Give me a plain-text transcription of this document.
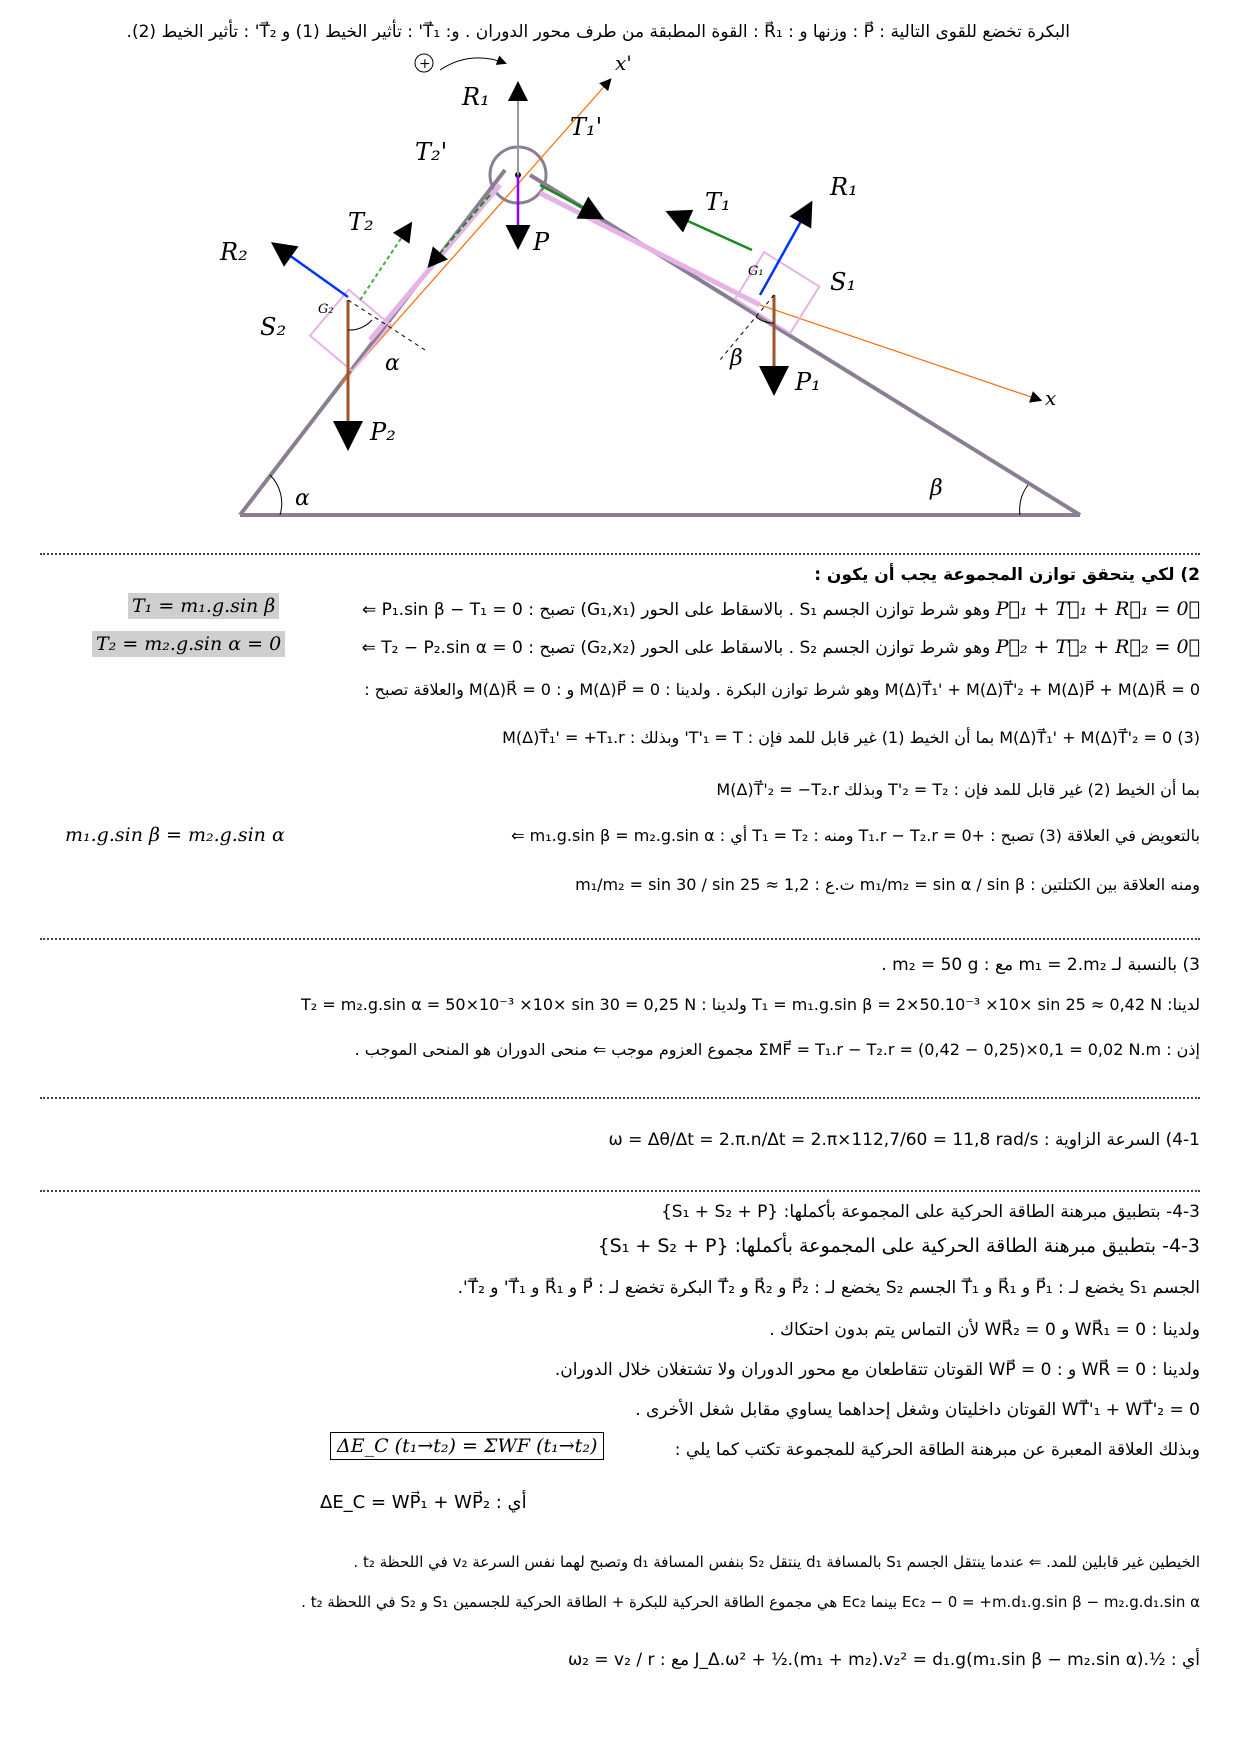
البكرة تخضع للقوى التالية : P⃗ : وزنها و : R⃗₁ : القوة المطبقة من طرف محور الدوران . و: T⃗₁' : تأثير الخيط (1) و T⃗₂' : تأثير الخيط (2).
+	x'
x
R₁
T₁'
T₂'
T₂
P
T₁
R₁
R₂
S₂
G₂
G₁	S₁
α	β
P₁
P₂
α	β
2) لكي يتحقق توازن المجموعة يجب أن يكون :
P⃗₁ + T⃗₁ + R⃗₁ = 0⃗ وهو شرط توازن الجسم S₁ . بالاسقاط على الحور (G₁,x₁) تصبح : P₁.sin β − T₁ = 0 ⇐
T₁ = m₁.g.sin β
P⃗₂ + T⃗₂ + R⃗₂ = 0⃗ وهو شرط توازن الجسم S₂ . بالاسقاط على الحور (G₂,x₂) تصبح : T₂ − P₂.sin α = 0 ⇐
T₂ = m₂.g.sin α = 0
M(Δ)T⃗₁' + M(Δ)T⃗'₂ + M(Δ)P⃗ + M(Δ)R⃗ = 0 وهو شرط توازن البكرة . ولدينا : M(Δ)P⃗ = 0 و : M(Δ)R⃗ = 0 والعلاقة تصبح :
(3) M(Δ)T⃗₁' + M(Δ)T⃗'₂ = 0 بما أن الخيط (1) غير قابل للمد فإن : T'₁ = T' وبذلك : M(Δ)T⃗₁' = +T₁.r
بما أن الخيط (2) غير قابل للمد فإن : T'₂ = T₂ وبذلك M(Δ)T⃗'₂ = −T₂.r
بالتعويض في العلاقة (3) تصبح : +T₁.r − T₂.r = 0 ومنه : T₁ = T₂ أي : m₁.g.sin β = m₂.g.sin α ⇐
m₁.g.sin β = m₂.g.sin α
ومنه العلاقة بين الكتلتين : m₁/m₂ = sin α / sin β ت.ع : m₁/m₂ = sin 30 / sin 25 ≈ 1,2
3) بالنسبة لـ m₁ = 2.m₂ مع : m₂ = 50 g .
لدينا: T₁ = m₁.g.sin β = 2×50.10⁻³ ×10× sin 25 ≈ 0,42 N ولدينا : T₂ = m₂.g.sin α = 50×10⁻³ ×10× sin 30 = 0,25 N
إذن : ΣMF⃗ = T₁.r − T₂.r = (0,42 − 0,25)×0,1 = 0,02 N.m مجموع العزوم موجب ⇐ منحى الدوران هو المنحى الموجب .
4-1) السرعة الزاوية : ω = Δθ/Δt = 2.π.n/Δt = 2.π×112,7/60 = 11,8 rad/s
4-3- بتطبيق مبرهنة الطاقة الحركية على المجموعة بأكملها: {S₁ + S₂ + P}
4-3- بتطبيق مبرهنة الطاقة الحركية على المجموعة بأكملها: {S₁ + S₂ + P}
الجسم S₁ يخضع لـ : P⃗₁ و R⃗₁ و T⃗₁ الجسم S₂ يخضع لـ : P⃗₂ و R⃗₂ و T⃗₂ البكرة تخضع لـ : P⃗ و R⃗₁ و T⃗₁' و T⃗₂'.
ولدينا : WR⃗₁ = 0 و WR⃗₂ = 0 لأن التماس يتم بدون احتكاك .
ولدينا : WR⃗ = 0 و : WP⃗ = 0 القوتان تتقاطعان مع محور الدوران ولا تشتغلان خلال الدوران.
WT⃗'₁ + WT⃗'₂ = 0 القوتان داخليتان وشغل إحداهما يساوي مقابل شغل الأخرى .
وبذلك العلاقة المعبرة عن مبرهنة الطاقة الحركية للمجموعة تكتب كما يلي :
ΔE_C (t₁→t₂) = ΣWF (t₁→t₂)
أي : ΔE_C = WP⃗₁ + WP⃗₂
الخيطين غير قابلين للمد. ⇐ عندما ينتقل الجسم S₁ بالمسافة d₁ ينتقل S₂ بنفس المسافة d₁ وتصبح لهما نفس السرعة v₂ في اللحظة t₂ .
Ec₂ − 0 = +m.d₁.g.sin β − m₂.g.d₁.sin α بينما Ec₂ هي مجموع الطاقة الحركية للبكرة + الطاقة الحركية للجسمين S₁ و S₂ في اللحظة t₂ .
أي : ½.J_Δ.ω² + ½.(m₁ + m₂).v₂² = d₁.g(m₁.sin β − m₂.sin α) مع : ω₂ = v₂ / r
